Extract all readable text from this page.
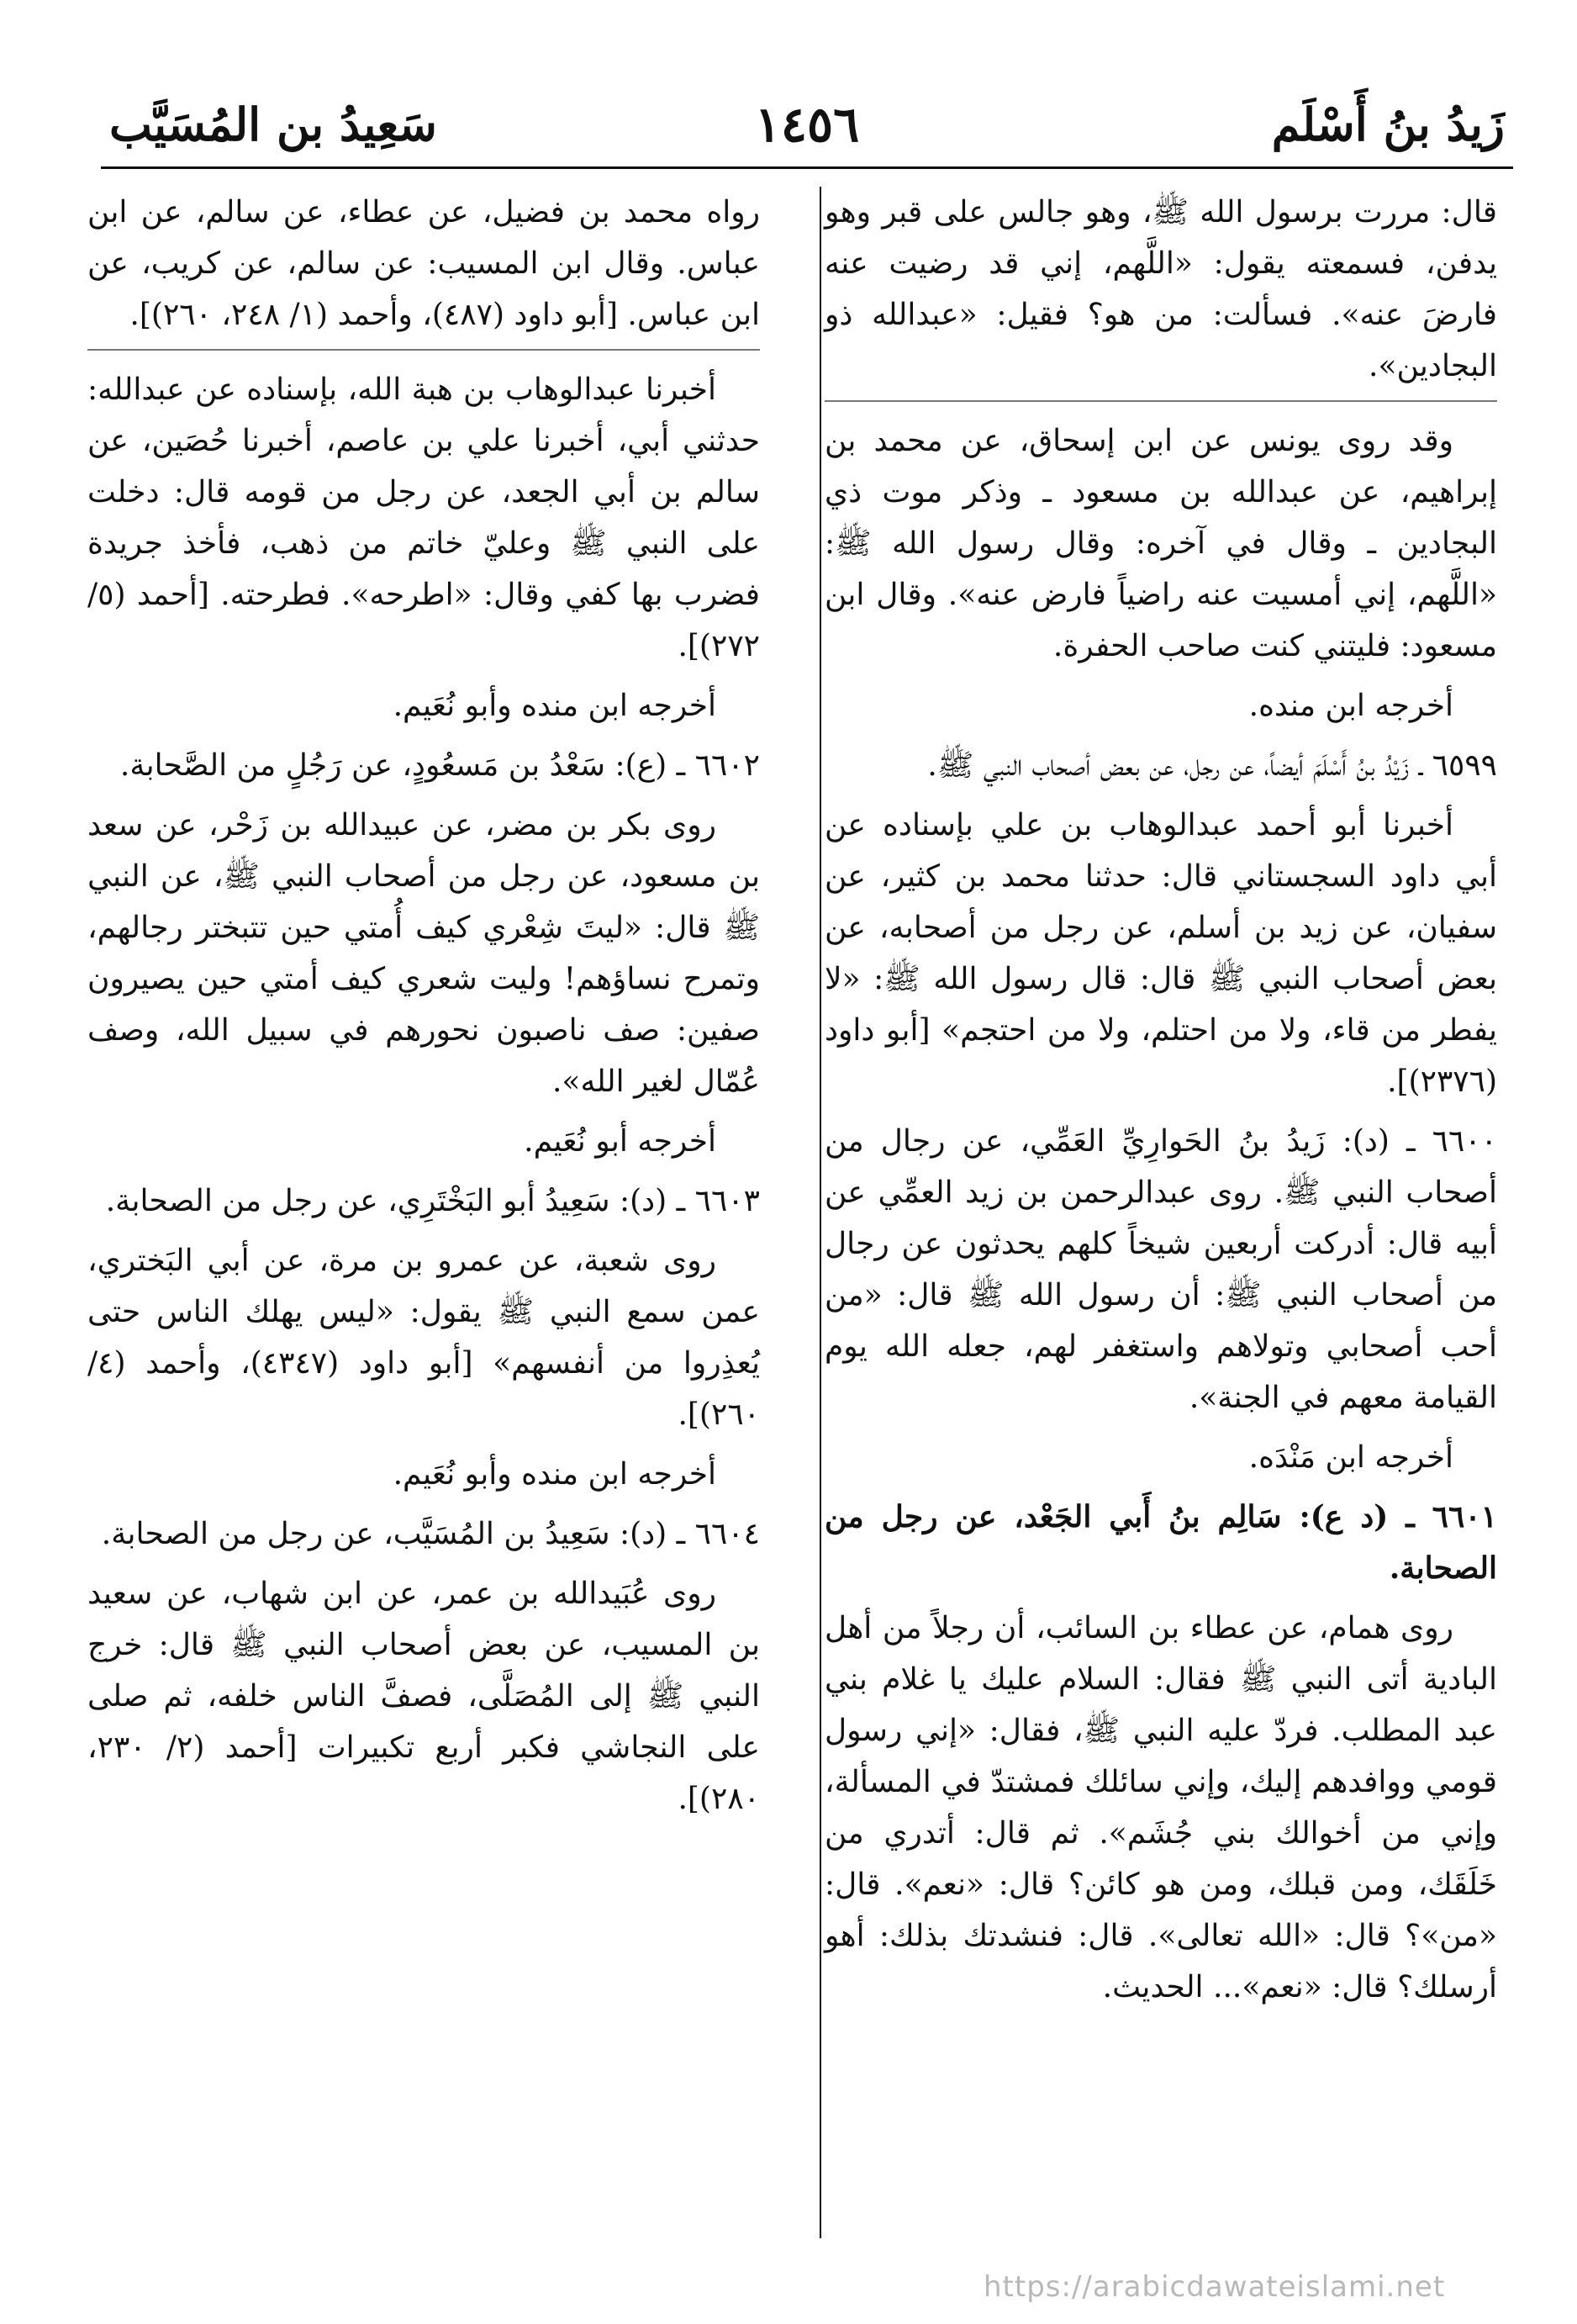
زَيدُ بنُ أَسْلَم
١٤٥٦
سَعِيدُ بن المُسَيَّب

قال: مررت برسول الله ﷺ، وهو جالس على قبر وهو يدفن، فسمعته يقول: «اللَّهم، إني قد رضيت عنه فارضَ عنه». فسألت: من هو؟ فقيل: «عبدالله ذو البجادين».

وقد روى يونس عن ابن إسحاق، عن محمد بن إبراهيم، عن عبدالله بن مسعود ـ وذكر موت ذي البجادين ـ وقال في آخره: وقال رسول الله ﷺ: «اللَّهم، إني أمسيت عنه راضياً فارض عنه». وقال ابن مسعود: فليتني كنت صاحب الحفرة.

أخرجه ابن منده.

٦٥٩٩ ـ زَيْدُ بنُ أَسْلَمَ أيضاً، عن رجل، عن بعض أصحاب النبي ﷺ.

أخبرنا أبو أحمد عبدالوهاب بن علي بإسناده عن أبي داود السجستاني قال: حدثنا محمد بن كثير، عن سفيان، عن زيد بن أسلم، عن رجل من أصحابه، عن بعض أصحاب النبي ﷺ قال: قال رسول الله ﷺ: «لا يفطر من قاء، ولا من احتلم، ولا من احتجم» [أبو داود (٢٣٧٦)].

٦٦٠٠ ـ (د): زَيدُ بنُ الحَوارِيِّ العَمِّي، عن رجال من أصحاب النبي ﷺ. روى عبدالرحمن بن زيد العمِّي عن أبيه قال: أدركت أربعين شيخاً كلهم يحدثون عن رجال من أصحاب النبي ﷺ: أن رسول الله ﷺ قال: «من أحب أصحابي وتولاهم واستغفر لهم، جعله الله يوم القيامة معهم في الجنة».

أخرجه ابن مَنْدَه.

٦٦٠١ ـ (د ع): سَالِم بنُ أَبي الجَعْد، عن رجل من الصحابة.

روى همام، عن عطاء بن السائب، أن رجلاً من أهل البادية أتى النبي ﷺ فقال: السلام عليك يا غلام بني عبد المطلب. فردّ عليه النبي ﷺ، فقال: «إني رسول قومي ووافدهم إليك، وإني سائلك فمشتدّ في المسألة، وإني من أخوالك بني جُشَم». ثم قال: أتدري من خَلَقَك، ومن قبلك، ومن هو كائن؟ قال: «نعم». قال: «من»؟ قال: «الله تعالى». قال: فنشدتك بذلك: أهو أرسلك؟ قال: «نعم»... الحديث.

رواه محمد بن فضيل، عن عطاء، عن سالم، عن ابن عباس. وقال ابن المسيب: عن سالم، عن كريب، عن ابن عباس. [أبو داود (٤٨٧)، وأحمد (١/ ٢٤٨، ٢٦٠)].

أخبرنا عبدالوهاب بن هبة الله، بإسناده عن عبدالله: حدثني أبي، أخبرنا علي بن عاصم، أخبرنا حُصَين، عن سالم بن أبي الجعد، عن رجل من قومه قال: دخلت على النبي ﷺ وعليّ خاتم من ذهب، فأخذ جريدة فضرب بها كفي وقال: «اطرحه». فطرحته. [أحمد (٥/ ٢٧٢)].

أخرجه ابن منده وأبو نُعَيم.

٦٦٠٢ ـ (ع): سَعْدُ بن مَسعُودٍ، عن رَجُلٍ من الصَّحابة.

روى بكر بن مضر، عن عبيدالله بن زَحْر، عن سعد بن مسعود، عن رجل من أصحاب النبي ﷺ، عن النبي ﷺ قال: «ليتَ شِعْري كيف أُمتي حين تتبختر رجالهم، وتمرح نساؤهم! وليت شعري كيف أمتي حين يصيرون صفين: صف ناصبون نحورهم في سبيل الله، وصف عُمّال لغير الله».

أخرجه أبو نُعَيم.

٦٦٠٣ ـ (د): سَعِيدُ أبو البَخْتَرِي، عن رجل من الصحابة.

روى شعبة، عن عمرو بن مرة، عن أبي البَختري، عمن سمع النبي ﷺ يقول: «ليس يهلك الناس حتى يُعذِروا من أنفسهم» [أبو داود (٤٣٤٧)، وأحمد (٤/ ٢٦٠)].

أخرجه ابن منده وأبو نُعَيم.

٦٦٠٤ ـ (د): سَعِيدُ بن المُسَيَّب، عن رجل من الصحابة.

روى عُبَيدالله بن عمر، عن ابن شهاب، عن سعيد بن المسيب، عن بعض أصحاب النبي ﷺ قال: خرج النبي ﷺ إلى المُصَلَّى، فصفَّ الناس خلفه، ثم صلى على النجاشي فكبر أربع تكبيرات [أحمد (٢/ ٢٣٠، ٢٨٠)].

https://arabicdawateislami.net
